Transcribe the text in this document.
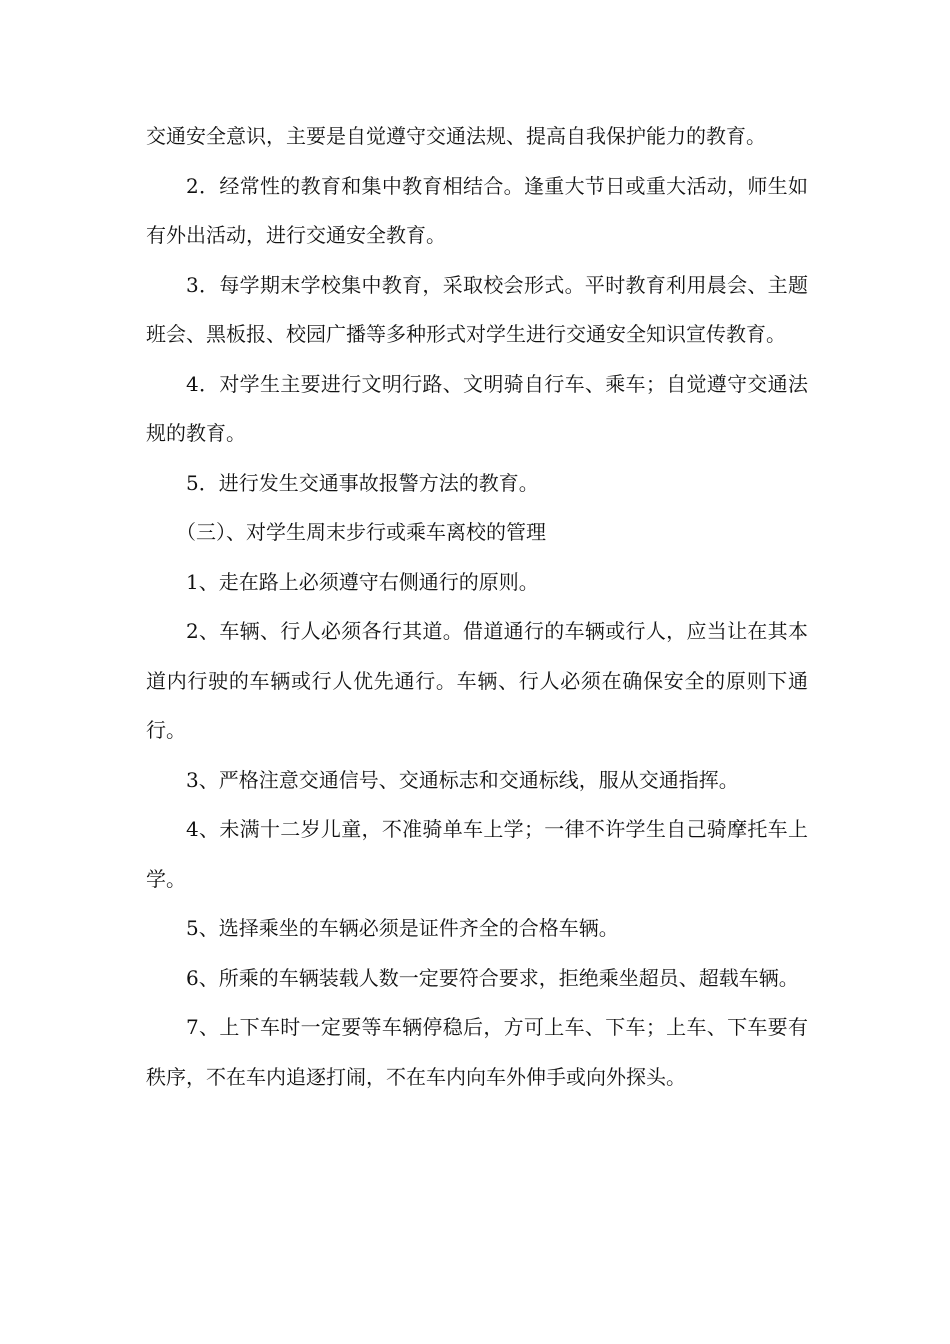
交通安全意识，主要是自觉遵守交通法规、提高自我保护能力的教育。

2．经常性的教育和集中教育相结合。逢重大节日或重大活动，师生如有外出活动，进行交通安全教育。

3．每学期末学校集中教育，采取校会形式。平时教育利用晨会、主题班会、黑板报、校园广播等多种形式对学生进行交通安全知识宣传教育。

4．对学生主要进行文明行路、文明骑自行车、乘车；自觉遵守交通法规的教育。

5．进行发生交通事故报警方法的教育。

（三）、对学生周末步行或乘车离校的管理

1、走在路上必须遵守右侧通行的原则。

2、车辆、行人必须各行其道。借道通行的车辆或行人，应当让在其本道内行驶的车辆或行人优先通行。车辆、行人必须在确保安全的原则下通行。

3、严格注意交通信号、交通标志和交通标线，服从交通指挥。

4、未满十二岁儿童，不准骑单车上学；一律不许学生自己骑摩托车上学。

5、选择乘坐的车辆必须是证件齐全的合格车辆。

6、所乘的车辆装载人数一定要符合要求，拒绝乘坐超员、超载车辆。

7、上下车时一定要等车辆停稳后，方可上车、下车；上车、下车要有秩序，不在车内追逐打闹，不在车内向车外伸手或向外探头。
